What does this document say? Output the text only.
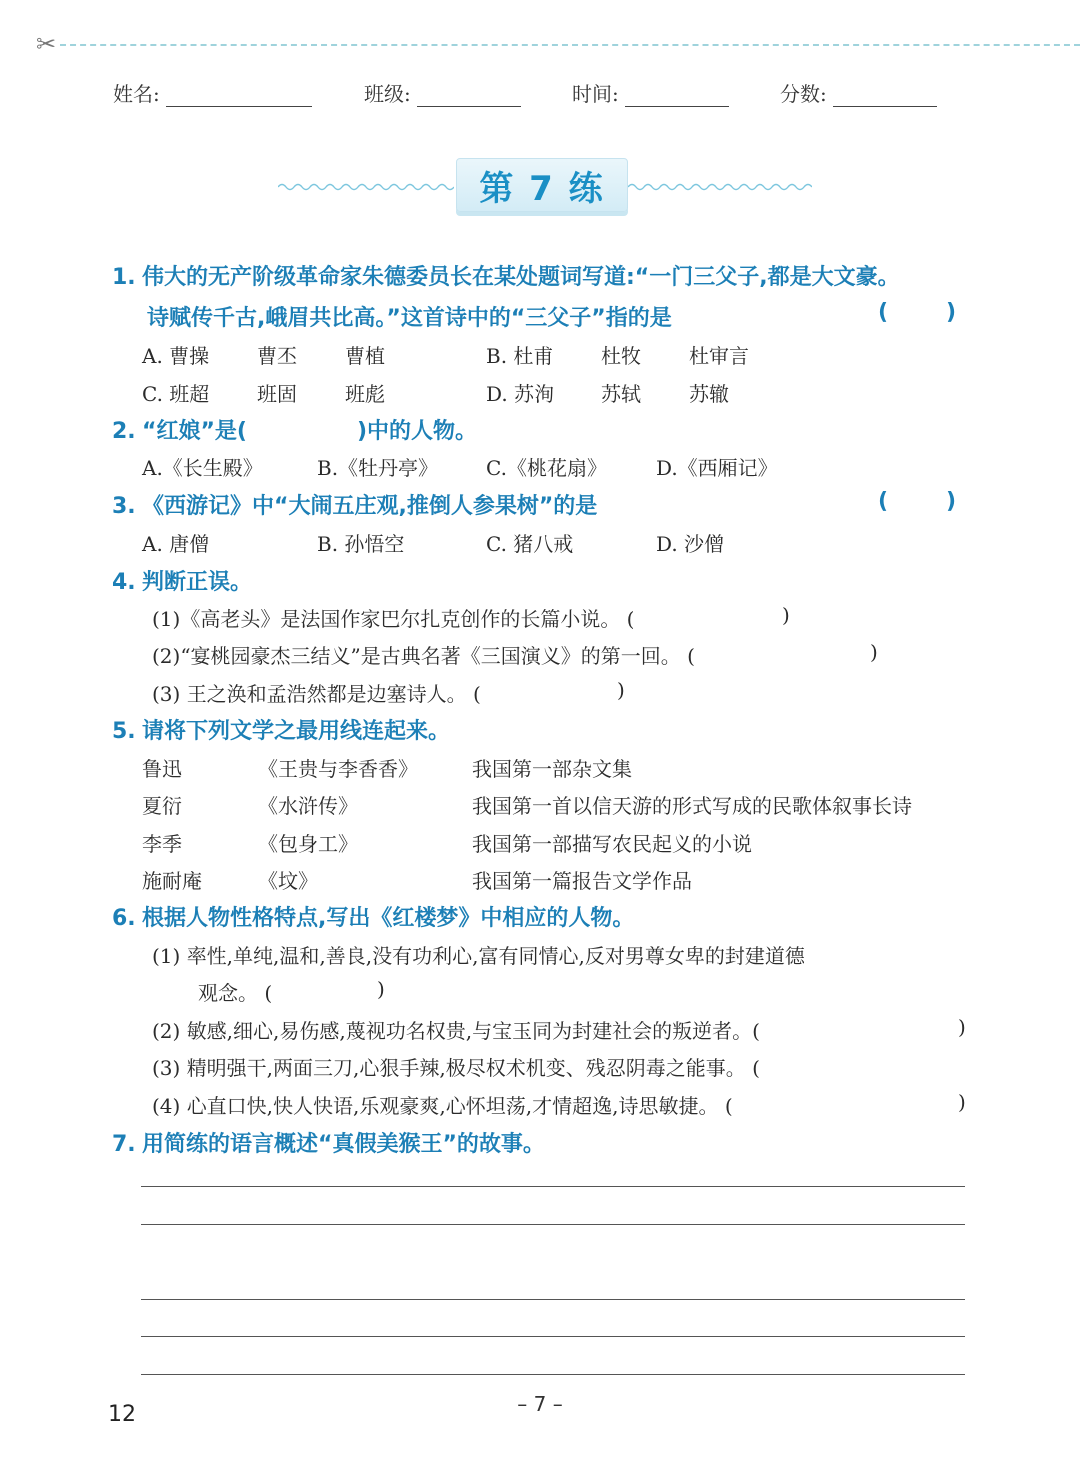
✂
姓名:	班级:	时间:	分数:
第 7 练
1. 伟大的无产阶级革命家朱德委员长在某处题词写道:“一门三父子,都是大文豪。
诗赋传千古,峨眉共比高。”这首诗中的“三父子”指的是	(	)
A. 曹操 曹丕 曹植	B. 杜甫 杜牧 杜审言
C. 班超 班固 班彪	D. 苏洵 苏轼 苏辙
2. “红娘”是(	)中的人物。
A.《长生殿》	B.《牡丹亭》 C.《桃花扇》 D.《西厢记》
3. 《西游记》中“大闹五庄观,推倒人参果树”的是	(	)
A. 唐僧	B. 孙悟空	C. 猪八戒	D. 沙僧
4. 判断正误。
(1)《高老头》是法国作家巴尔扎克创作的长篇小说。 (	)
(2)“宴桃园豪杰三结义”是古典名著《三国演义》的第一回。 (	)
(3) 王之涣和孟浩然都是边塞诗人。 (	)
5. 请将下列文学之最用线连起来。
鲁迅	《王贵与李香香》	我国第一部杂文集
夏衍	《水浒传》	我国第一首以信天游的形式写成的民歌体叙事长诗
李季	《包身工》	我国第一部描写农民起义的小说
施耐庵	《坟》	我国第一篇报告文学作品
6. 根据人物性格特点,写出《红楼梦》中相应的人物。
(1) 率性,单纯,温和,善良,没有功利心,富有同情心,反对男尊女卑的封建道德
观念。 (	)
(2) 敏感,细心,易伤感,蔑视功名权贵,与宝玉同为封建社会的叛逆者。(	)
(3) 精明强干,两面三刀,心狠手辣,极尽权术机变、残忍阴毒之能事。 (
(4) 心直口快,快人快语,乐观豪爽,心怀坦荡,才情超逸,诗思敏捷。 (	)
7. 用简练的语言概述“真假美猴王”的故事。
– 7 –
12
